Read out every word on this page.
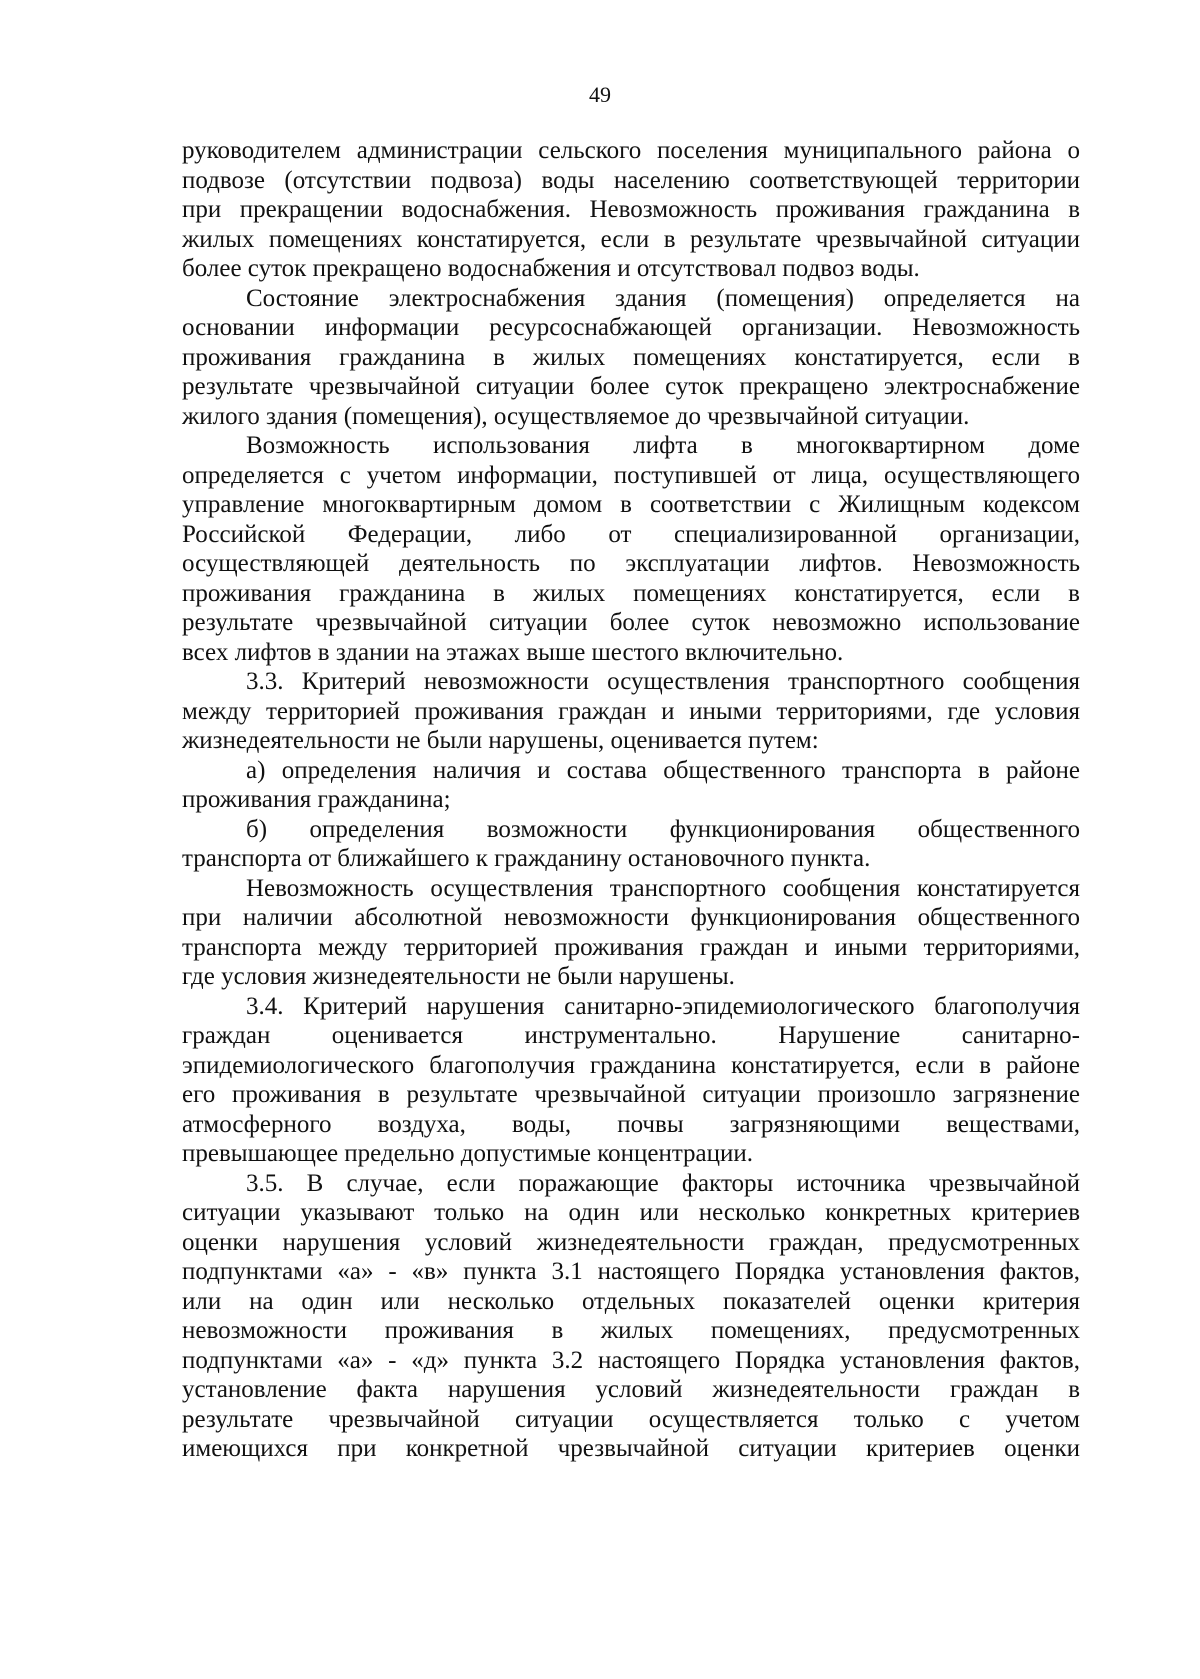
49
руководителем администрации сельского поселения муниципального района о
подвозе (отсутствии подвоза) воды населению соответствующей территории
при прекращении водоснабжения. Невозможность проживания гражданина в
жилых помещениях констатируется, если в результате чрезвычайной ситуации
более суток прекращено водоснабжения и отсутствовал подвоз воды.
Состояние электроснабжения здания (помещения) определяется на
основании информации ресурсоснабжающей организации. Невозможность
проживания гражданина в жилых помещениях констатируется, если в
результате чрезвычайной ситуации более суток прекращено электроснабжение
жилого здания (помещения), осуществляемое до чрезвычайной ситуации.
Возможность использования лифта в многоквартирном доме
определяется с учетом информации, поступившей от лица, осуществляющего
управление многоквартирным домом в соответствии с Жилищным кодексом
Российской Федерации, либо от специализированной организации,
осуществляющей деятельность по эксплуатации лифтов. Невозможность
проживания гражданина в жилых помещениях констатируется, если в
результате чрезвычайной ситуации более суток невозможно использование
всех лифтов в здании на этажах выше шестого включительно.
3.3. Критерий невозможности осуществления транспортного сообщения
между территорией проживания граждан и иными территориями, где условия
жизнедеятельности не были нарушены, оценивается путем:
а) определения наличия и состава общественного транспорта в районе
проживания гражданина;
б) определения возможности функционирования общественного
транспорта от ближайшего к гражданину остановочного пункта.
Невозможность осуществления транспортного сообщения констатируется
при наличии абсолютной невозможности функционирования общественного
транспорта между территорией проживания граждан и иными территориями,
где условия жизнедеятельности не были нарушены.
3.4. Критерий нарушения санитарно-эпидемиологического благополучия
граждан оценивается инструментально. Нарушение санитарно-
эпидемиологического благополучия гражданина констатируется, если в районе
его проживания в результате чрезвычайной ситуации произошло загрязнение
атмосферного воздуха, воды, почвы загрязняющими веществами,
превышающее предельно допустимые концентрации.
3.5. В случае, если поражающие факторы источника чрезвычайной
ситуации указывают только на один или несколько конкретных критериев
оценки нарушения условий жизнедеятельности граждан, предусмотренных
подпунктами «а» - «в» пункта 3.1 настоящего Порядка установления фактов,
или на один или несколько отдельных показателей оценки критерия
невозможности проживания в жилых помещениях, предусмотренных
подпунктами «а» - «д» пункта 3.2 настоящего Порядка установления фактов,
установление факта нарушения условий жизнедеятельности граждан в
результате чрезвычайной ситуации осуществляется только с учетом
имеющихся при конкретной чрезвычайной ситуации критериев оценки
